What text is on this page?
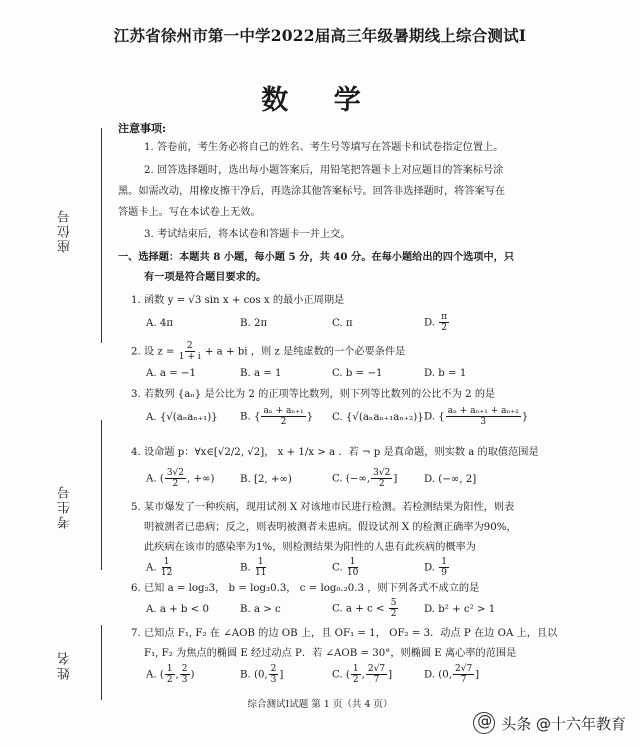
江苏省徐州市第一中学2022届高三年级暑期线上综合测试I
数 学
座位号
考生号
姓名
注意事项:
1. 答卷前，考生务必将自己的姓名、考生号等填写在答题卡和试卷指定位置上。
2. 回答选择题时，选出每小题答案后，用铅笔把答题卡上对应题目的答案标号涂
黑。如需改动，用橡皮擦干净后，再选涂其他答案标号。回答非选择题时，将答案写在
答题卡上。写在本试卷上无效。
3. 考试结束后，将本试卷和答题卡一并上交。
一、选择题：本题共 8 小题，每小题 5 分，共 40 分。在每小题给出的四个选项中，只
有一项是符合题目要求的。
1. 函数 y = √3 sin x + cos x 的最小正周期是
A. 4π	B. 2π	C. π	D. $\frac{\pi}{2}$
2. 设 $z = \frac{2}{1 + i} + a$ + bi ，则 z 是纯虚数的一个必要条件是
A. a = −1	B. a = 1	C. b = −1	D. b = 1
3. 若数列 {aₙ} 是公比为 2 的正项等比数列，则下列等比数列的公比不为 2 的是
A. {√(aₙaₙ₊₁)} B. { $\frac{\text{aₙ + aₙ₊₁}}{2}$ } C. {√(aₙaₙ₊₁aₙ₊₂)} D. { $\frac{\text{aₙ + aₙ₊₁ + aₙ₊₂}}{3}$ }
4. 设命题 p：∀x∈[√2/2, √2]， x + 1/x > a ．若 ¬ p 是真命题，则实数 a 的取值范围是
A. ( $\frac{3√2}{2}$ , +∞)	B. [2, +∞)	C. (−∞, $\frac{3√2}{2}$ ]	D. (−∞, 2]
5. 某市爆发了一种疾病，现用试剂 X 对该地市民进行检测。若检测结果为阳性，则表
明被测者已患病；反之，则表明被测者未患病。假设试剂 X 的检测正确率为90%，
此疾病在该市的感染率为1%，则检测结果为阳性的人患有此疾病的概率为
A. $\frac{1}{12}$	B. $\frac{1}{11}$	C. $\frac{1}{10}$	D. $\frac{1}{9}$
6. 已知 a = log₂3， b = log₃0.3， c = log₀.₂0.3 ，则下列各式不成立的是
A. a + b < 0	B. a > c	C. $a + c < \frac{5}{2}$	D. b² + c² > 1
7. 已知点 F₁, F₂ 在 ∠AOB 的边 OB 上，且 OF₁ = 1， OF₂ = 3．动点 P 在边 OA 上，且以
F₁, F₂ 为焦点的椭圆 E 经过动点 P．若 ∠AOB = 30°，则椭圆 E 离心率的范围是
A. ( $\frac{1}{2}$ , $\frac{2}{3}$ )	B. (0, $\frac{2}{3}$ ]	C. ( $\frac{1}{2}$ , $\frac{2√7}{7}$ ]	D. (0, $\frac{2√7}{7}$ ]
综合测试I试题 第 1 页（共 4 页）
@
头条 @十六年教育
